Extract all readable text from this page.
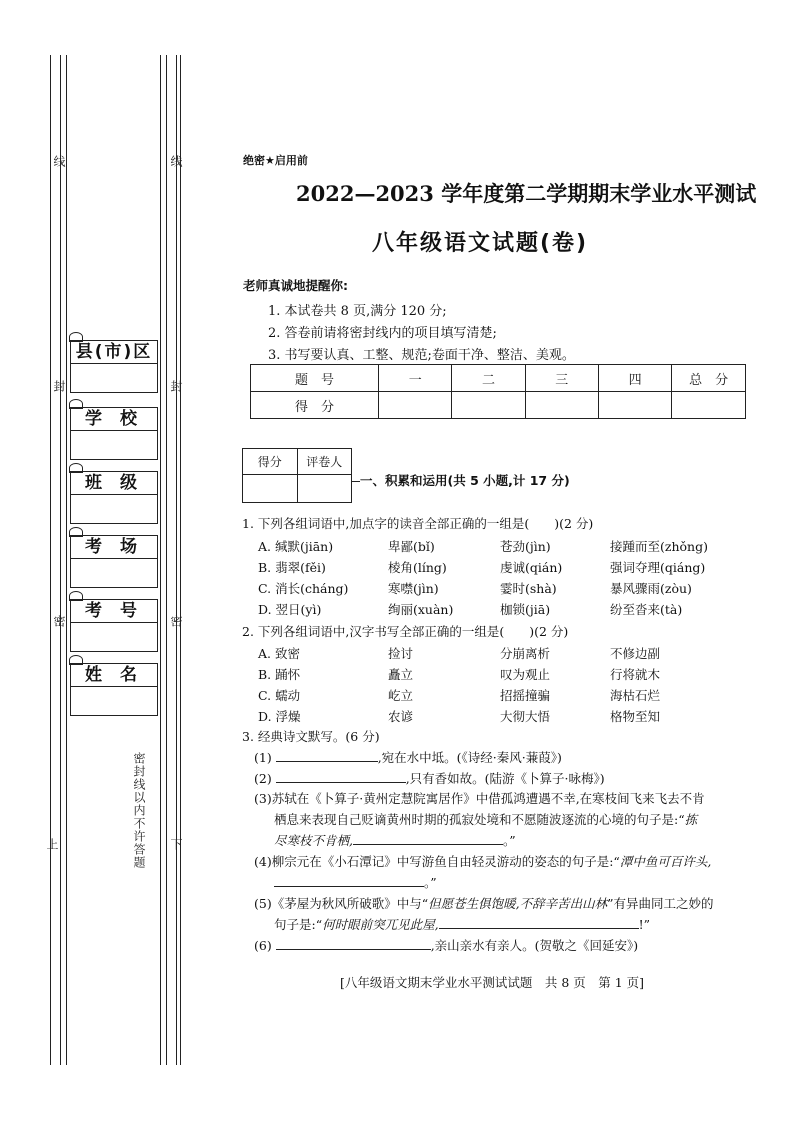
线	线
封	封
密	密
上	下
密封线以内不许答题
县(市)区
学 校
班 级
考 场
考 号
姓 名
绝密★启用前
2022—2023 学年度第二学期期末学业水平测试
八年级语文试题(卷)
老师真诚地提醒你:
1. 本试卷共 8 页,满分 120 分;
2. 答卷前请将密封线内的项目填写清楚;
3. 书写要认真、工整、规范;卷面干净、整洁、美观。
题　号	一	二	三	四	总　分
得　分					
得分	评卷人

一、积累和运用(共 5 小题,计 17 分)
1. 下列各组词语中,加点字的读音全部正确的一组是(　　)(2 分)
A. 缄默(jiān)	卑鄙(bǐ)	苍劲(jìn)	接踵而至(zhǒng)
B. 翡翠(fěi)	棱角(líng)	虔诚(qián)	强词夺理(qiáng)
C. 消长(cháng)	寒噤(jìn)	霎时(shà)	暴风骤雨(zòu)
D. 翌日(yì)	绚丽(xuàn)	枷锁(jiā)	纷至沓来(tà)
2. 下列各组词语中,汉字书写全部正确的一组是(　　)(2 分)
A. 致密	捡讨	分崩离析	不修边副
B. 踊怀	矗立	叹为观止	行将就木
C. 蠕动	屹立	招摇撞骗	海枯石烂
D. 浮燥	农谚	大彻大悟	格物至知
3. 经典诗文默写。(6 分)
(1)	,宛在水中坻。(《诗经·秦风·蒹葭》)
(2)	,只有香如故。(陆游《卜算子·咏梅》)
(3)苏轼在《卜算子·黄州定慧院寓居作》中借孤鸿遭遇不幸,在寒枝间飞来飞去不肯
栖息来表现自己贬谪黄州时期的孤寂处境和不愿随波逐流的心境的句子是:“拣
尽寒枝不肯栖,	。”
(4)柳宗元在《小石潭记》中写游鱼自由轻灵游动的姿态的句子是:“潭中鱼可百许头,
。”
(5)《茅屋为秋风所破歌》中与“但愿苍生俱饱暖,不辞辛苦出山林”有异曲同工之妙的
句子是:“何时眼前突兀见此屋,	!”
(6)	,亲山亲水有亲人。(贺敬之《回延安》)
[八年级语文期末学业水平测试试题　共 8 页　第 1 页]
